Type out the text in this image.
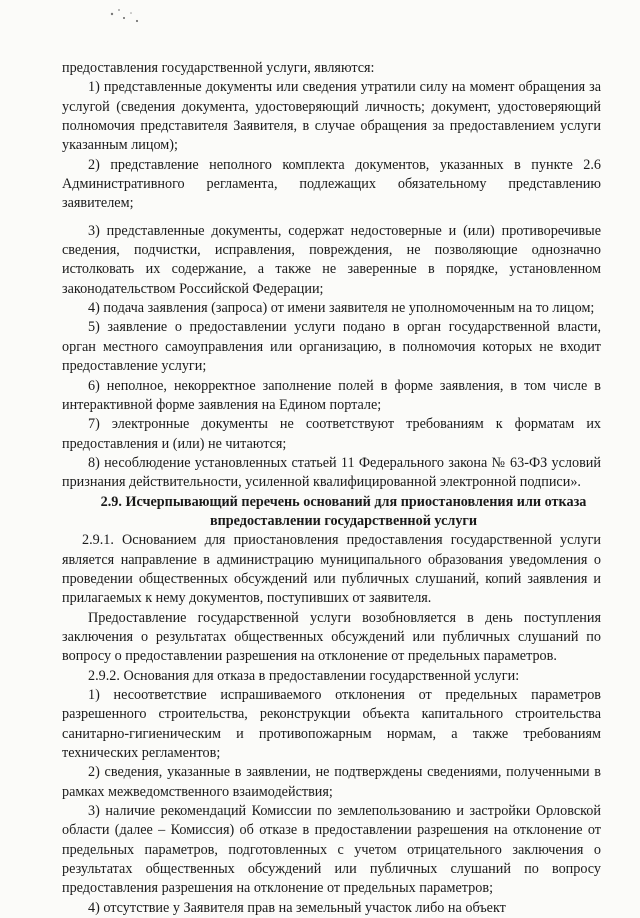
предоставления государственной услуги, являются:

1) представленные документы или сведения утратили силу на момент обращения за услугой (сведения документа, удостоверяющий личность; документ, удостоверяющий полномочия представителя Заявителя, в случае обращения за предоставлением услуги указанным лицом);

2) представление неполного комплекта документов, указанных в пункте 2.6 Административного регламента, подлежащих обязательному представлению заявителем;

3) представленные документы, содержат недостоверные и (или) противоречивые сведения, подчистки, исправления, повреждения, не позволяющие однозначно истолковать их содержание, а также не заверенные в порядке, установленном законодательством Российской Федерации;

4) подача заявления (запроса) от имени заявителя не уполномоченным на то лицом;

5) заявление о предоставлении услуги подано в орган государственной власти, орган местного самоуправления или организацию, в полномочия которых не входит предоставление услуги;

6) неполное, некорректное заполнение полей в форме заявления, в том числе в интерактивной форме заявления на Едином портале;

7) электронные документы не соответствуют требованиям к форматам их предоставления и (или) не читаются;

8) несоблюдение установленных статьей 11 Федерального закона № 63-ФЗ условий признания действительности, усиленной квалифицированной электронной подписи».

2.9. Исчерпывающий перечень оснований для приостановления или отказа впредоставлении государственной услуги

2.9.1. Основанием для приостановления предоставления государственной услуги является направление в администрацию муниципального образования уведомления о проведении общественных обсуждений или публичных слушаний, копий заявления и прилагаемых к нему документов, поступивших от заявителя.

Предоставление государственной услуги возобновляется в день поступления заключения о результатах общественных обсуждений или публичных слушаний по вопросу о предоставлении разрешения на отклонение от предельных параметров.

2.9.2. Основания для отказа в предоставлении государственной услуги:

1) несоответствие испрашиваемого отклонения от предельных параметров разрешенного строительства, реконструкции объекта капитального строительства санитарно-гигиеническим и противопожарным нормам, а также требованиям технических регламентов;

2) сведения, указанные в заявлении, не подтверждены сведениями, полученными в рамках межведомственного взаимодействия;

3) наличие рекомендаций Комиссии по землепользованию и застройки Орловской области (далее – Комиссия) об отказе в предоставлении разрешения на отклонение от предельных параметров, подготовленных с учетом отрицательного заключения о результатах общественных обсуждений или публичных слушаний по вопросу предоставления разрешения на отклонение от предельных параметров;

4) отсутствие у Заявителя прав на земельный участок либо на объект
